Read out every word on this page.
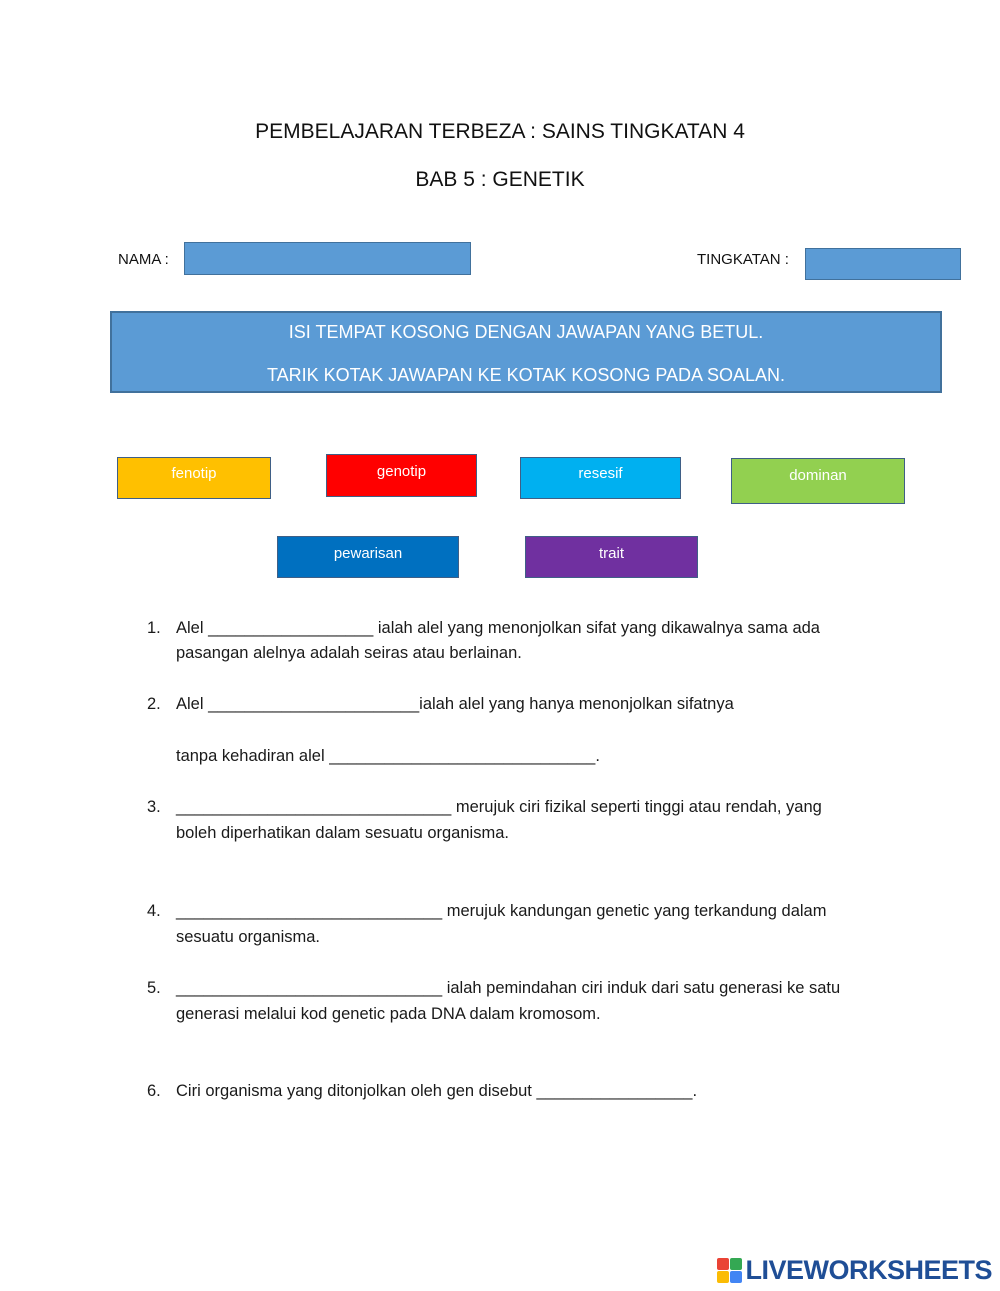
PEMBELAJARAN TERBEZA : SAINS TINGKATAN 4
BAB 5 : GENETIK
NAMA :	TINGKATAN :
ISI TEMPAT KOSONG DENGAN JAWAPAN YANG BETUL.
TARIK KOTAK JAWAPAN KE KOTAK KOSONG PADA SOALAN.
fenotip	genotip	resesif	dominan
pewarisan	trait
1. Alel __________________ ialah alel yang menonjolkan sifat yang dikawalnya sama ada
pasangan alelnya adalah seiras atau berlainan.
2. Alel _______________________ialah alel yang hanya menonjolkan sifatnya
tanpa kehadiran alel _____________________________.
3. ______________________________ merujuk ciri fizikal seperti tinggi atau rendah, yang
boleh diperhatikan dalam sesuatu organisma.
4. _____________________________ merujuk kandungan genetic yang terkandung dalam
sesuatu organisma.
5. _____________________________ ialah pemindahan ciri induk dari satu generasi ke satu
generasi melalui kod genetic pada DNA dalam kromosom.
6. Ciri organisma yang ditonjolkan oleh gen disebut _________________.
LIVEWORKSHEETS
